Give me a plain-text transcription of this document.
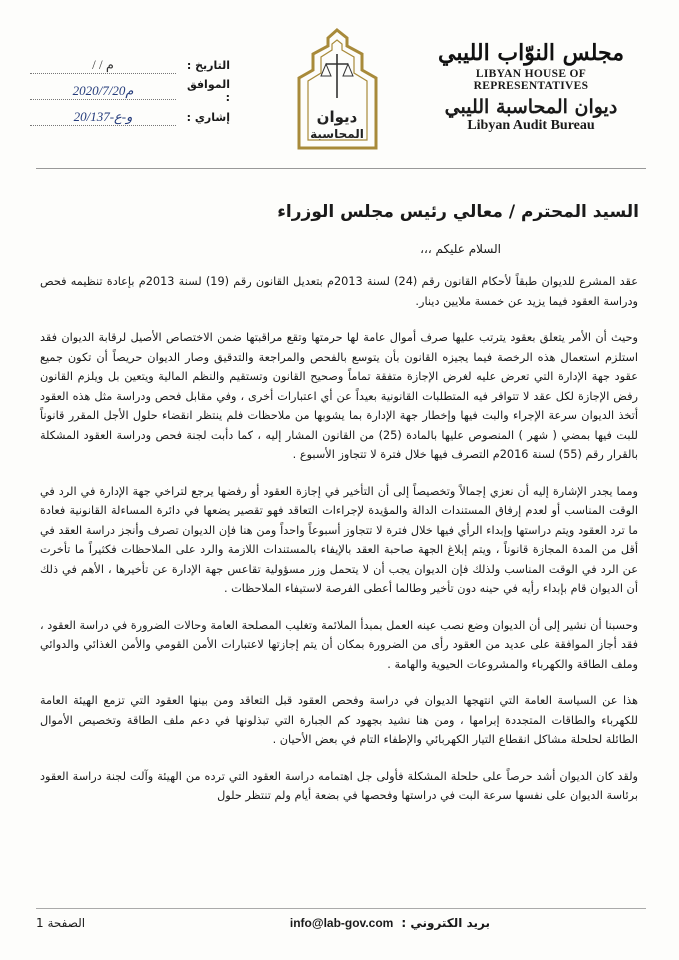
مجلس النوّاب الليبي
LIBYAN HOUSE OF REPRESENTATIVES
ديوان المحاسبة الليبي
Libyan Audit Bureau
ديوان
المحاسبة
التاريخ :
/ / م
الموافق :
2020/7/20م
إشاري :
20/137-و-ع
السيد المحترم / معالي رئيس مجلس الوزراء
السلام عليكم ،،،

عقد المشرع للديوان طبقاً لأحكام القانون رقم (24) لسنة 2013م بتعديل القانون رقم (19) لسنة 2013م بإعادة تنظيمه فحص ودراسة العقود فيما يزيد عن خمسة ملايين دينار.

وحيث أن الأمر يتعلق بعقود يترتب عليها صرف أموال عامة لها حرمتها وتقع مراقبتها ضمن الاختصاص الأصيل لرقابة الديوان فقد استلزم استعمال هذه الرخصة فيما يجيزه القانون بأن يتوسع بالفحص والمراجعة والتدقيق وصار الديوان حريصاً أن تكون جميع عقود جهة الإدارة التي تعرض عليه لغرض الإجازة متفقة تماماً وصحيح القانون وتستقيم والنظم المالية ويتعين بل ويلزم القانون رفض الإجازة لكل عقد لا تتوافر فيه المتطلبات القانونية بعيداً عن أي اعتبارات أخرى ، وفي مقابل فحص ودراسة مثل هذه العقود أتخذ الديوان سرعة الإجراء والبت فيها وإخطار جهة الإدارة بما يشوبها من ملاحظات فلم ينتظر انقضاء حلول الأجل المقرر قانوناً للبت فيها بمضي ( شهر ) المنصوص عليها بالمادة (25) من القانون المشار إليه ، كما دأبت لجنة فحص ودراسة العقود المشكلة بالقرار رقم (55) لسنة 2016م التصرف فيها خلال فترة لا تتجاوز الأسبوع .

ومما يجدر الإشارة إليه أن نعزي إجمالاً وتخصيصاً إلى أن التأخير في إجازة العقود أو رفضها يرجع لتراخي جهة الإدارة في الرد في الوقت المناسب أو لعدم إرفاق المستندات الدالة والمؤيدة لإجراءات التعاقد فهو تقصير يضعها في دائرة المساءلة القانونية فعادة ما ترد العقود ويتم دراستها وإبداء الرأي فيها خلال فترة لا تتجاوز أسبوعاً واحداً ومن هنا فإن الديوان تصرف وأنجز دراسة العقد في أقل من المدة المجازة قانوناً ، ويتم إبلاغ الجهة صاحبة العقد بالإيفاء بالمستندات اللازمة والرد على الملاحظات فكثيراً ما تأخرت عن الرد في الوقت المناسب ولذلك فإن الديوان يجب أن لا يتحمل وزر مسؤولية تقاعس جهة الإدارة عن تأخيرها ، الأهم في ذلك أن الديوان قام بإبداء رأيه في حينه دون تأخير وطالما أعطى الفرصة لاستيفاء الملاحظات .

وحسبنا أن نشير إلى أن الديوان وضع نصب عينه العمل بمبدأ الملائمة وتغليب المصلحة العامة وحالات الضرورة في دراسة العقود ، فقد أجاز الموافقة على عديد من العقود رأى من الضرورة بمكان أن يتم إجازتها لاعتبارات الأمن القومي والأمن الغذائي والدوائي وملف الطاقة والكهرباء والمشروعات الحيوية والهامة .

هذا عن السياسة العامة التي انتهجها الديوان في دراسة وفحص العقود قبل التعاقد ومن بينها العقود التي تزمع الهيئة العامة للكهرباء والطاقات المتجددة إبرامها ، ومن هنا نشيد بجهود كم الجبارة التي تبذلونها في دعم ملف الطاقة وتخصيص الأموال الطائلة لحلحلة مشاكل انقطاع التيار الكهربائي والإطفاء التام في بعض الأحيان .

ولقد كان الديوان أشد حرصاً على حلحلة المشكلة فأولى جل اهتمامه دراسة العقود التي ترده من الهيئة وآلت لجنة دراسة العقود برئاسة الديوان على نفسها سرعة البت في دراستها وفحصها في بضعة أيام ولم تنتظر حلول

بريد الكتروني :
info@lab-gov.com
الصفحة 1
